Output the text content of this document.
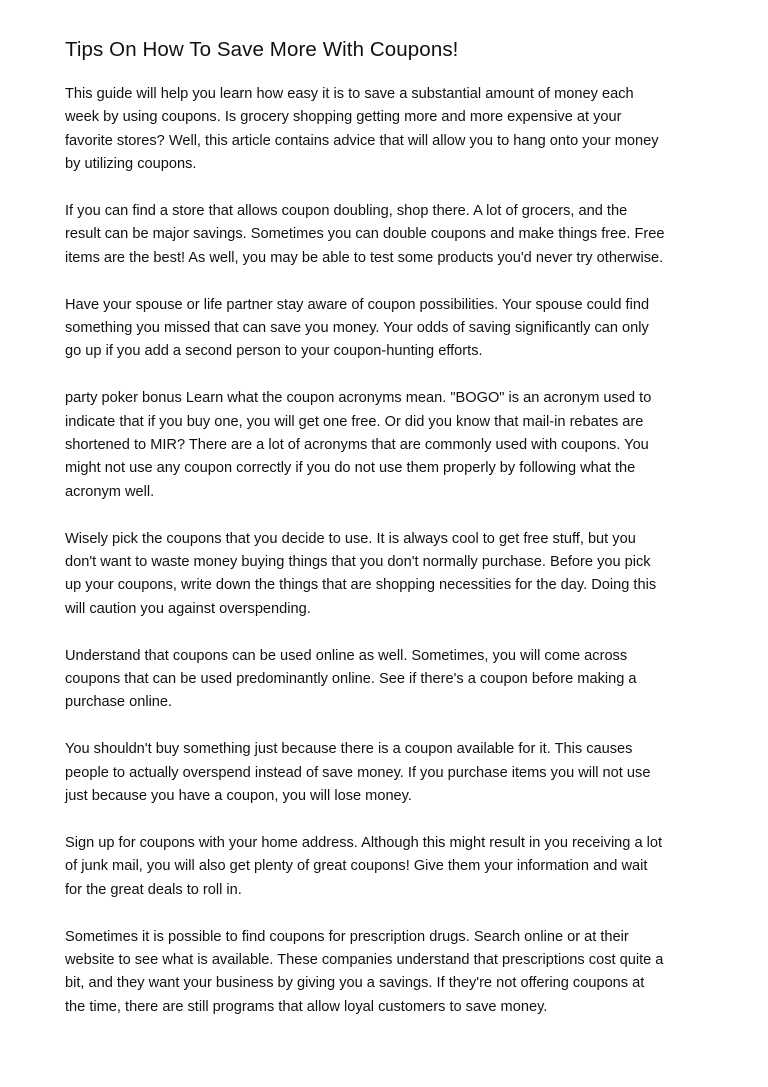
Tips On How To Save More With Coupons!

This guide will help you learn how easy it is to save a substantial amount of money each
week by using coupons. Is grocery shopping getting more and more expensive at your
favorite stores? Well, this article contains advice that will allow you to hang onto your money
by utilizing coupons.

If you can find a store that allows coupon doubling, shop there. A lot of grocers, and the
result can be major savings. Sometimes you can double coupons and make things free. Free
items are the best! As well, you may be able to test some products you'd never try otherwise.

Have your spouse or life partner stay aware of coupon possibilities. Your spouse could find
something you missed that can save you money. Your odds of saving significantly can only
go up if you add a second person to your coupon-hunting efforts.

party poker bonus Learn what the coupon acronyms mean. "BOGO" is an acronym used to
indicate that if you buy one, you will get one free. Or did you know that mail-in rebates are
shortened to MIR? There are a lot of acronyms that are commonly used with coupons. You
might not use any coupon correctly if you do not use them properly by following what the
acronym well.

Wisely pick the coupons that you decide to use. It is always cool to get free stuff, but you
don't want to waste money buying things that you don't normally purchase. Before you pick
up your coupons, write down the things that are shopping necessities for the day. Doing this
will caution you against overspending.

Understand that coupons can be used online as well. Sometimes, you will come across
coupons that can be used predominantly online. See if there's a coupon before making a
purchase online.

You shouldn't buy something just because there is a coupon available for it. This causes
people to actually overspend instead of save money. If you purchase items you will not use
just because you have a coupon, you will lose money.

Sign up for coupons with your home address. Although this might result in you receiving a lot
of junk mail, you will also get plenty of great coupons! Give them your information and wait
for the great deals to roll in.

Sometimes it is possible to find coupons for prescription drugs. Search online or at their
website to see what is available. These companies understand that prescriptions cost quite a
bit, and they want your business by giving you a savings. If they're not offering coupons at
the time, there are still programs that allow loyal customers to save money.
